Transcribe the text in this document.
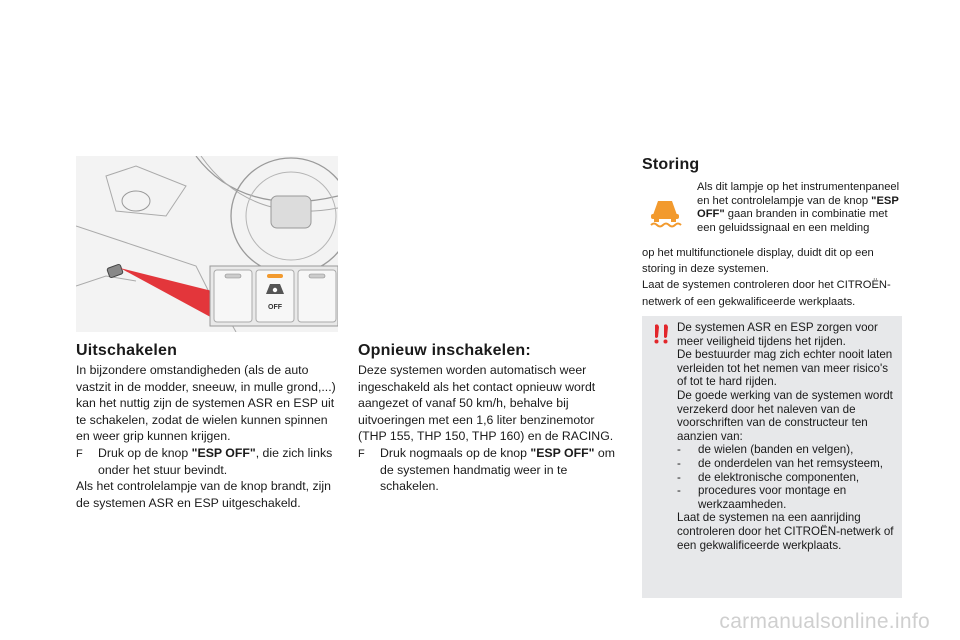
OFF
Uitschakelen

In bijzondere omstandigheden (als de auto vastzit in de modder, sneeuw, in mulle grond,...) kan het nuttig zijn de systemen ASR en ESP uit te schakelen, zodat de wielen kunnen spinnen en weer grip kunnen krijgen.

F	Druk op de knop "ESP OFF", die zich links onder het stuur bevindt.

Als het controlelampje van de knop brandt, zijn de systemen ASR en ESP uitgeschakeld.

Opnieuw inschakelen:

Deze systemen worden automatisch weer ingeschakeld als het contact opnieuw wordt aangezet of vanaf 50 km/h, behalve bij uitvoeringen met een 1,6 liter benzinemotor (THP 155, THP 150, THP 160) en de RACING.

F	Druk nogmaals op de knop "ESP OFF" om de systemen handmatig weer in te schakelen.
Storing
Als dit lampje op het instrumentenpaneel en het controlelampje van de knop "ESP OFF" gaan branden in combinatie met een geluidssignaal en een melding

op het multifunctionele display, duidt dit op een storing in deze systemen.

Laat de systemen controleren door het CITROËN-netwerk of een gekwalificeerde werkplaats.

De systemen ASR en ESP zorgen voor meer veiligheid tijdens het rijden.
De bestuurder mag zich echter nooit laten verleiden tot het nemen van meer risico's of tot te hard rijden.
De goede werking van de systemen wordt verzekerd door het naleven van de voorschriften van de constructeur ten aanzien van:
-	de wielen (banden en velgen),
-	de onderdelen van het remsysteem,
-	de elektronische componenten,
-	procedures voor montage en werkzaamheden.
Laat de systemen na een aanrijding controleren door het CITROËN-netwerk of een gekwalificeerde werkplaats.
carmanualsonline.info
